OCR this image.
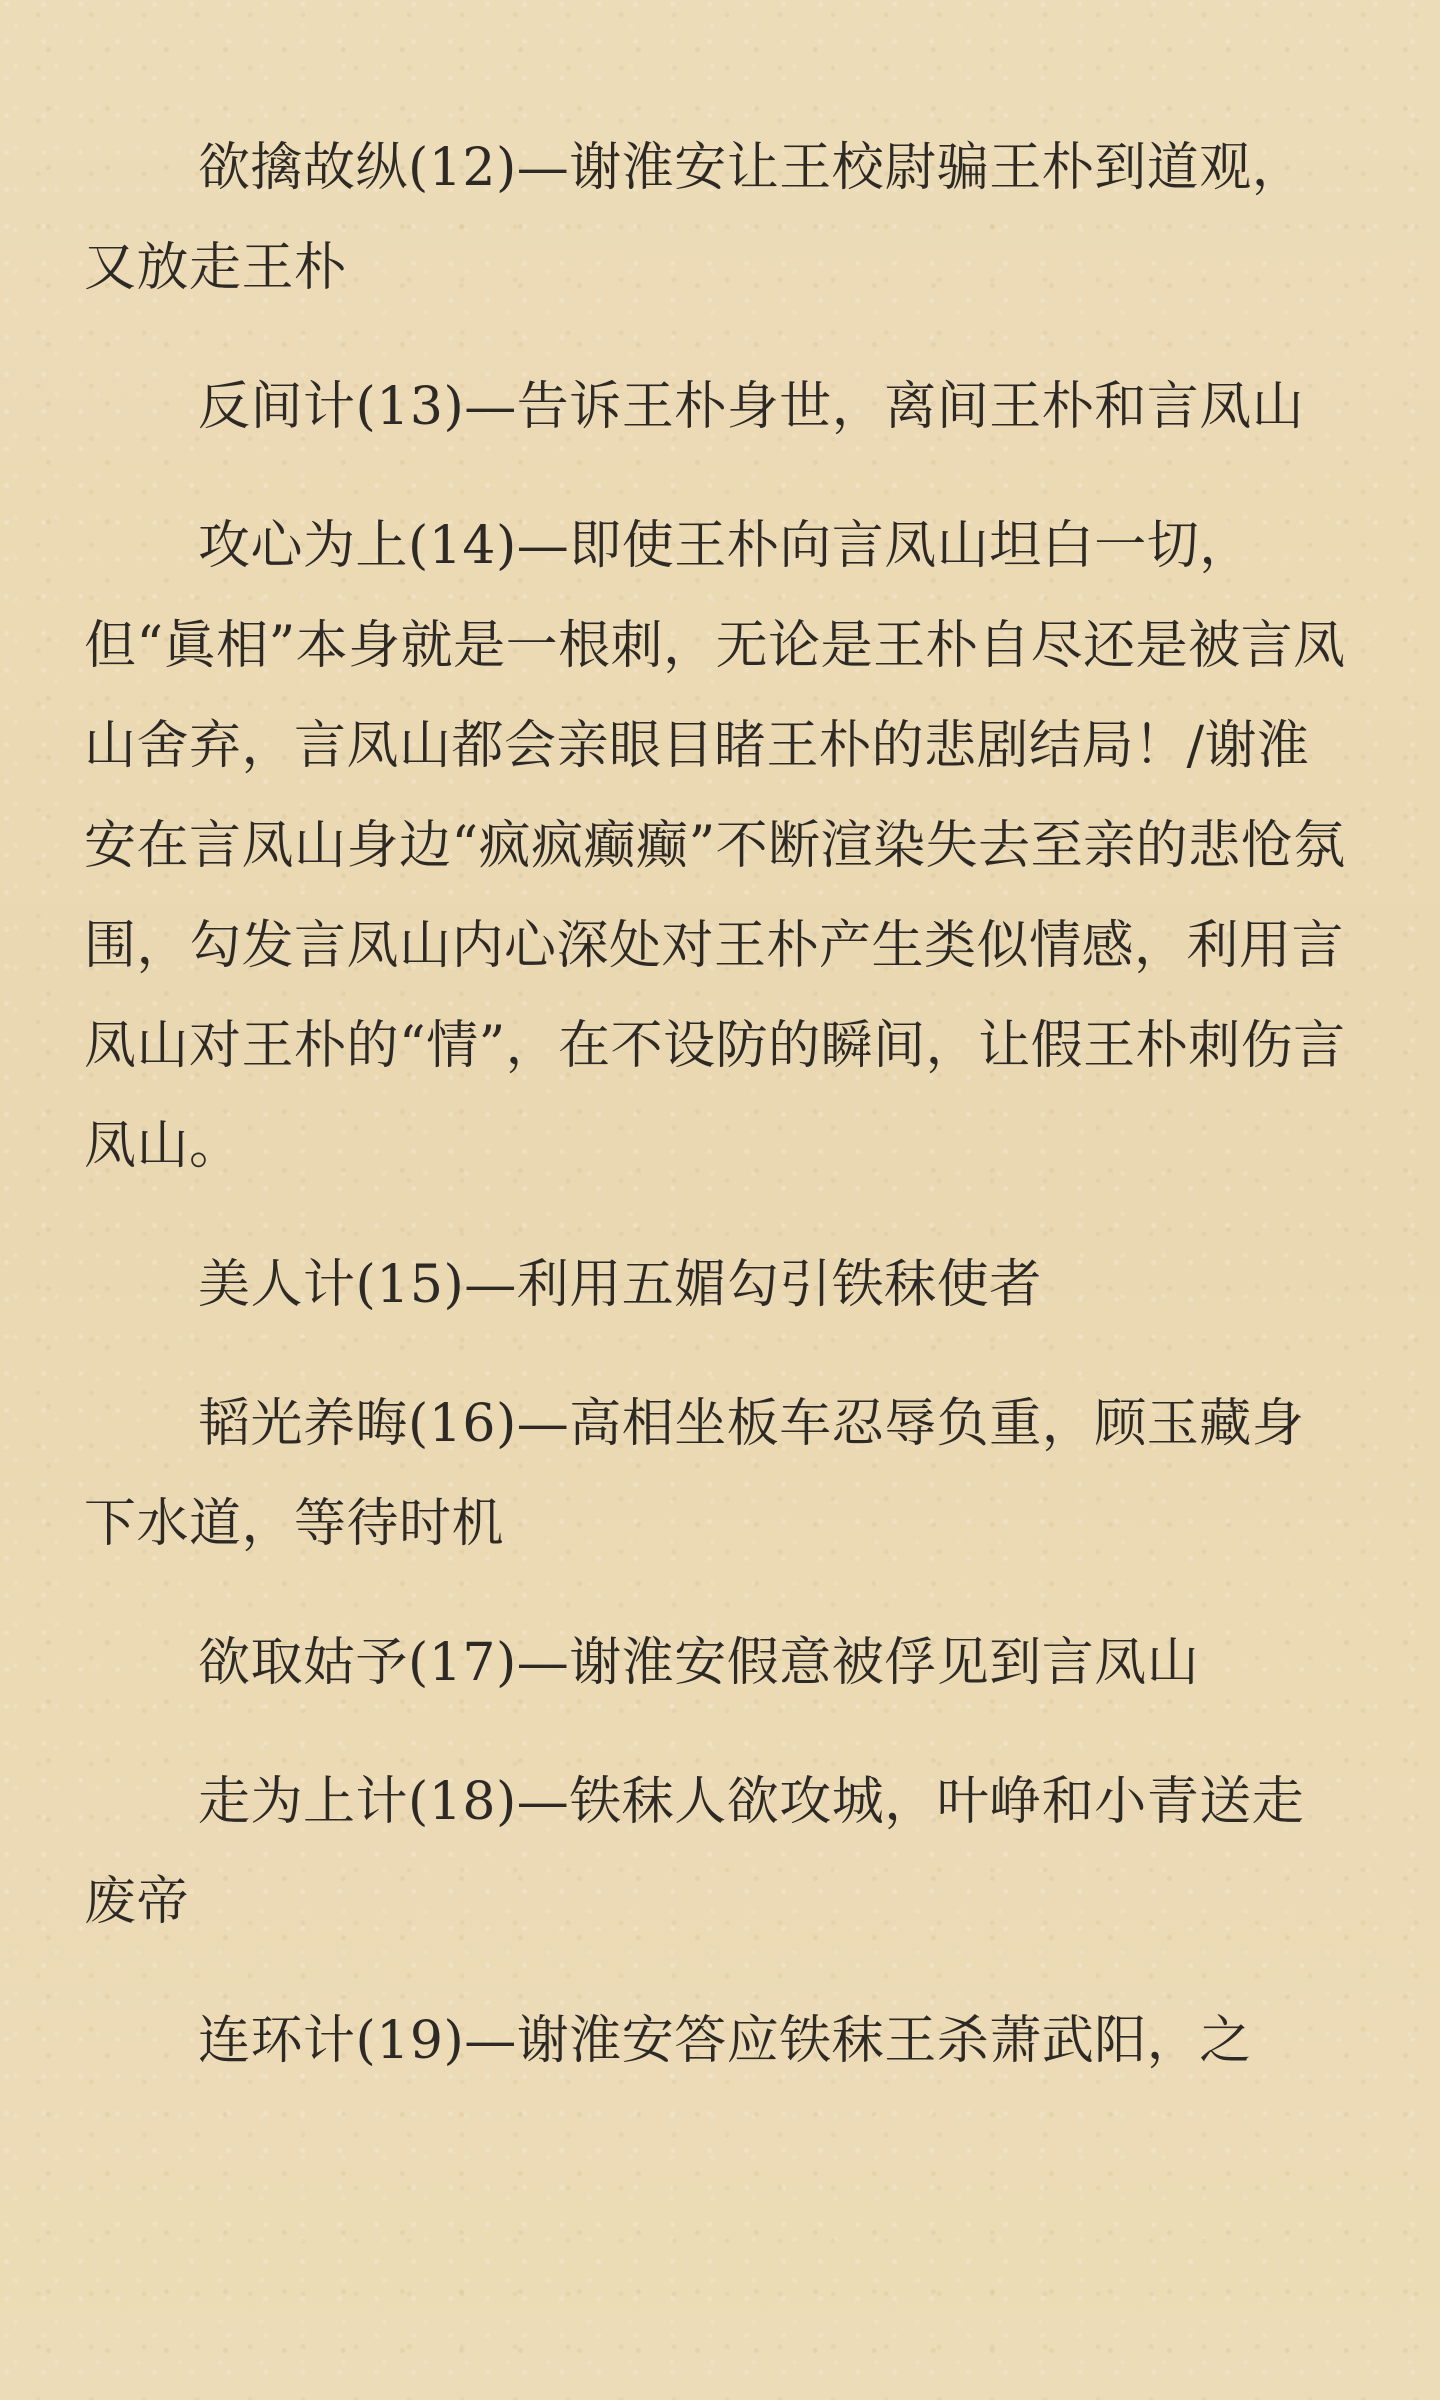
欲擒故纵(12)—谢淮安让王校尉骗王朴到道观，又放走王朴

反间计(13)—告诉王朴身世，离间王朴和言凤山

攻心为上(14)—即使王朴向言凤山坦白一切，但“眞相”本身就是一根刺，无论是王朴自尽还是被言凤山舍弃，言凤山都会亲眼目睹王朴的悲剧结局！/谢淮安在言凤山身边“疯疯癫癫”不断渲染失去至亲的悲怆氛围，勾发言凤山内心深处对王朴产生类似情感，利用言凤山对王朴的“情”，在不设防的瞬间，让假王朴刺伤言凤山。

美人计(15)—利用五媚勾引铁秣使者

韬光养晦(16)—高相坐板车忍辱负重，顾玉藏身下水道，等待时机

欲取姑予(17)—谢淮安假意被俘见到言凤山

走为上计(18)—铁秣人欲攻城，叶峥和小青送走废帝

连环计(19)—谢淮安答应铁秣王杀萧武阳，之
